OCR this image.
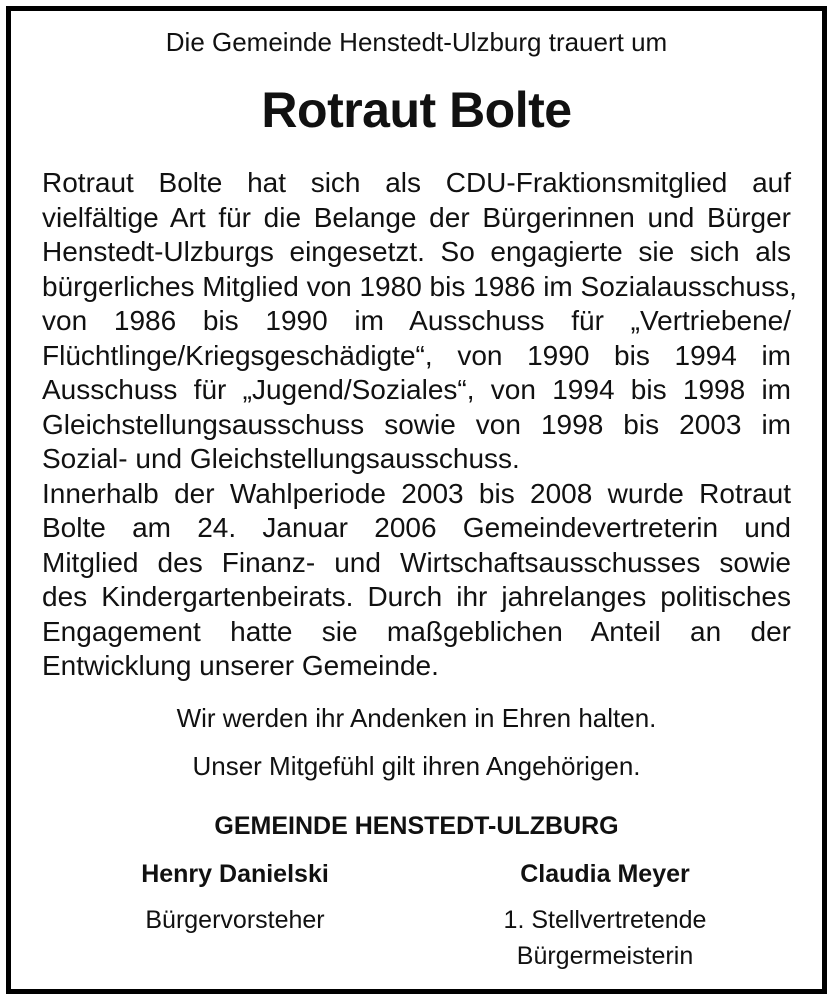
Die Gemeinde Henstedt-Ulzburg trauert um
Rotraut Bolte

Rotraut Bolte hat sich als CDU-Fraktionsmitglied auf
vielfältige Art für die Belange der Bürgerinnen und Bürger
Henstedt-Ulzburgs eingesetzt. So engagierte sie sich als
bürgerliches Mitglied von 1980 bis 1986 im Sozialausschuss,
von 1986 bis 1990 im Ausschuss für „Vertriebene/
Flüchtlinge/Kriegsgeschädigte“, von 1990 bis 1994 im
Ausschuss für „Jugend/Soziales“, von 1994 bis 1998 im
Gleichstellungsausschuss sowie von 1998 bis 2003 im
Sozial- und Gleichstellungsausschuss.

Innerhalb der Wahlperiode 2003 bis 2008 wurde Rotraut
Bolte am 24. Januar 2006 Gemeindevertreterin und
Mitglied des Finanz- und Wirtschaftsausschusses sowie
des Kindergartenbeirats. Durch ihr jahrelanges politisches
Engagement hatte sie maßgeblichen Anteil an der
Entwicklung unserer Gemeinde.

Wir werden ihr Andenken in Ehren halten.
Unser Mitgefühl gilt ihren Angehörigen.
GEMEINDE HENSTEDT-ULZBURG
Henry Danielski
Bürgervorsteher
Claudia Meyer
1. Stellvertretende
Bürgermeisterin
